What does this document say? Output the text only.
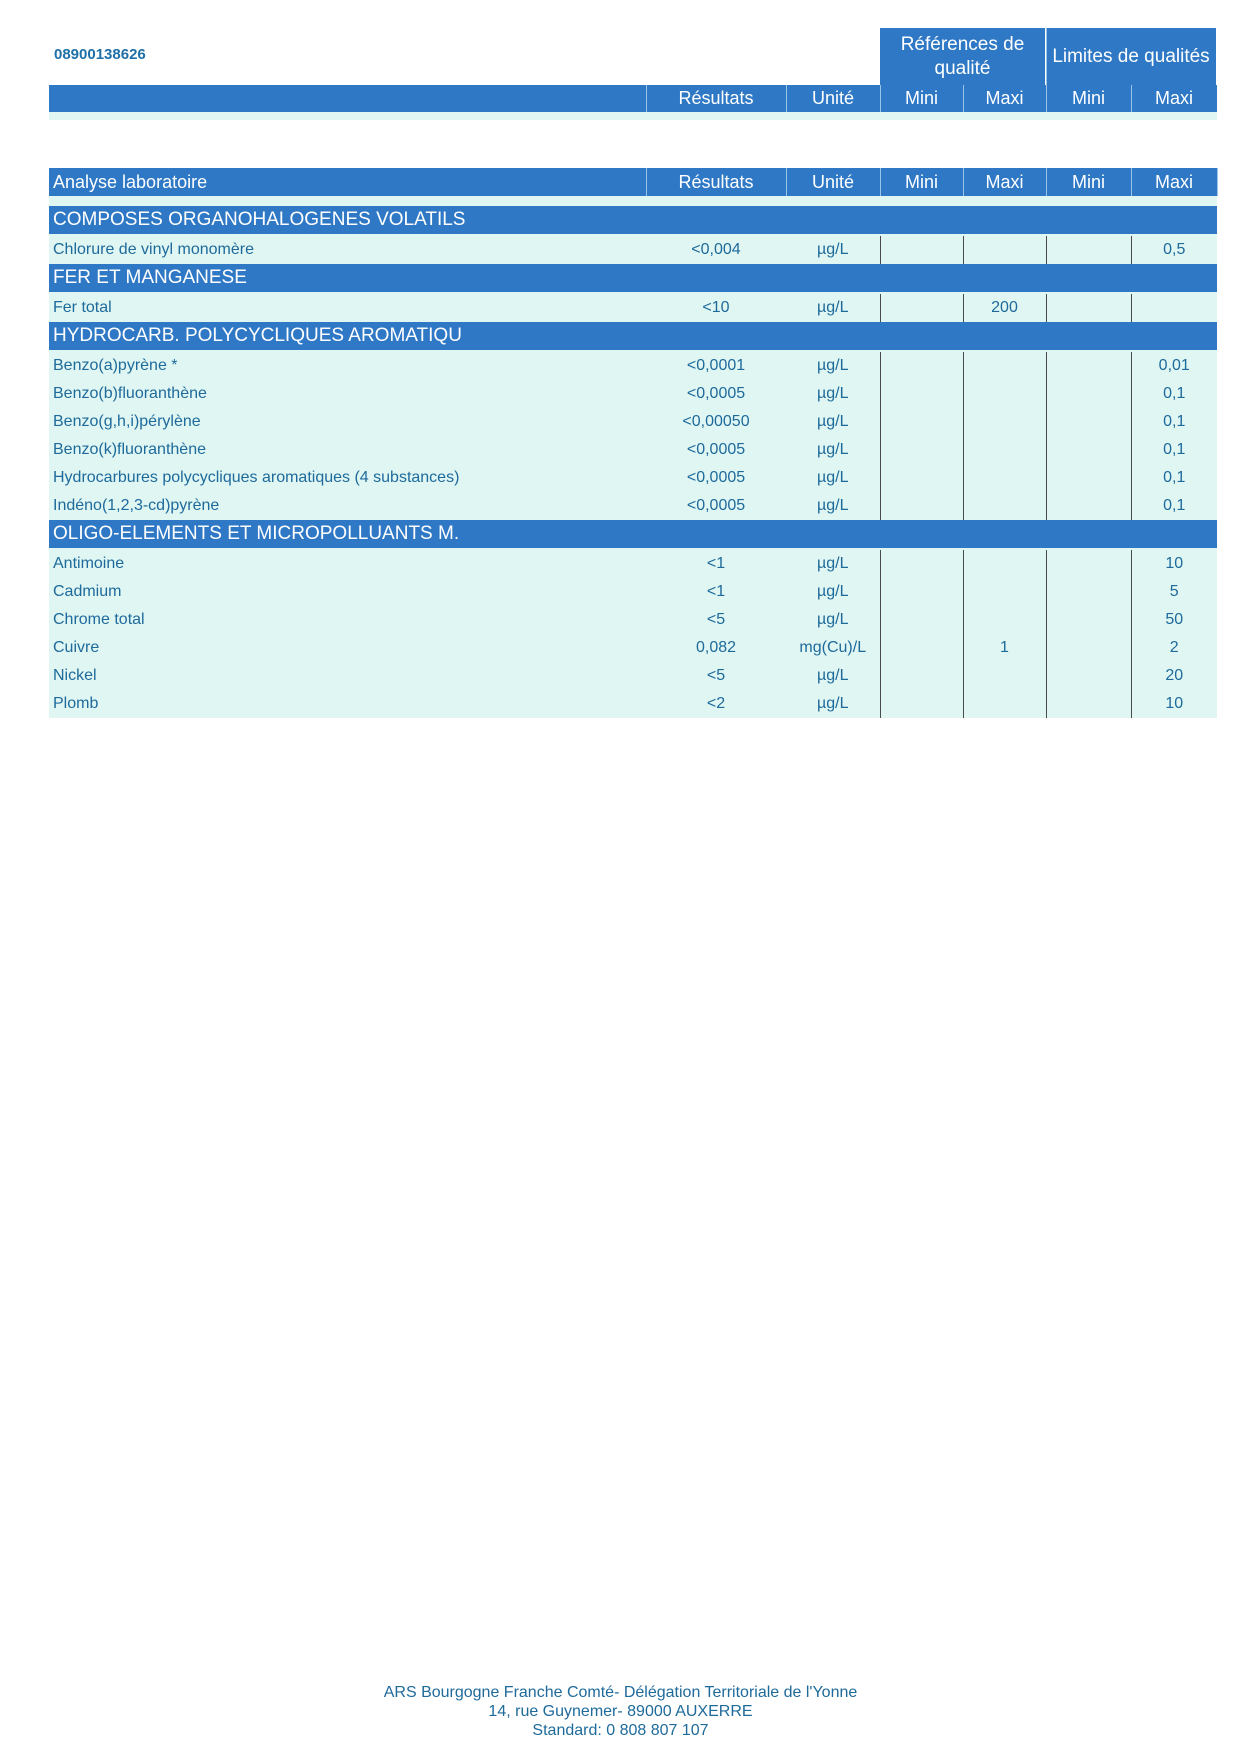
08900138626	Références de qualité
Limites de qualités
Résultats	Unité	Mini	Maxi	Mini	Maxi
Analyse laboratoire	Résultats	Unité	Mini	Maxi	Mini	Maxi

COMPOSES ORGANOHALOGENES VOLATILS						
Chlorure de vinyl monomère	<0,004	µg/L				0,5
FER ET MANGANESE						
Fer total	<10	µg/L		200		
HYDROCARB. POLYCYCLIQUES AROMATIQU						
Benzo(a)pyrène *	<0,0001	µg/L				0,01
Benzo(b)fluoranthène	<0,0005	µg/L				0,1
Benzo(g,h,i)pérylène	<0,00050	µg/L				0,1
Benzo(k)fluoranthène	<0,0005	µg/L				0,1
Hydrocarbures polycycliques aromatiques (4 substances)	<0,0005	µg/L				0,1
Indéno(1,2,3-cd)pyrène	<0,0005	µg/L				0,1
OLIGO-ELEMENTS ET MICROPOLLUANTS M.						
Antimoine	<1	µg/L				10
Cadmium	<1	µg/L				5
Chrome total	<5	µg/L				50
Cuivre	0,082	mg(Cu)/L		1		2
Nickel	<5	µg/L				20
Plomb	<2	µg/L				10
ARS Bourgogne Franche Comté- Délégation Territoriale de l'Yonne
14, rue Guynemer- 89000 AUXERRE
Standard: 0 808 807 107
